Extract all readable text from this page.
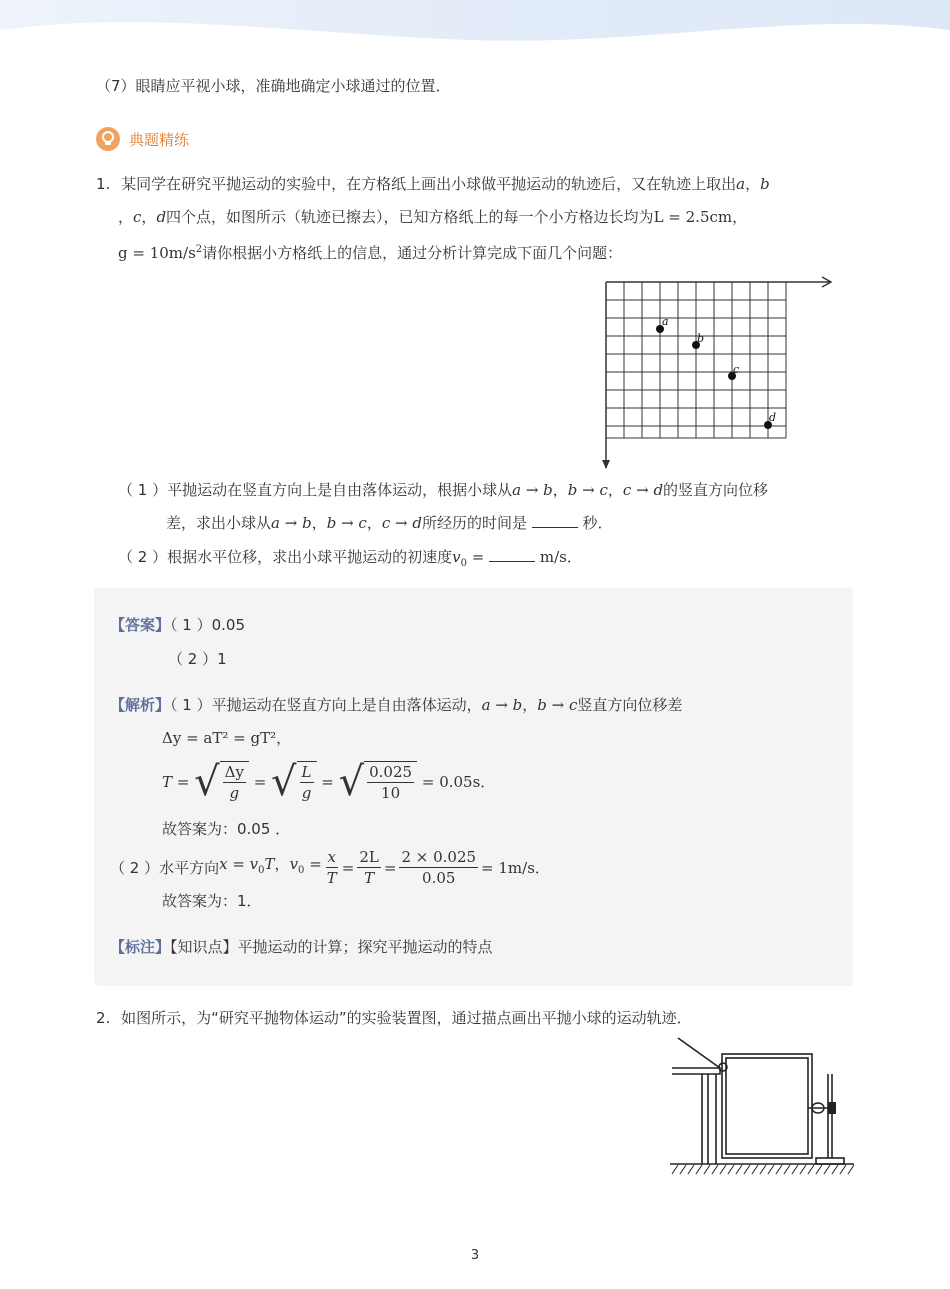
（7）眼睛应平视小球，准确地确定小球通过的位置．
典题精练
1. 某同学在研究平抛运动的实验中，在方格纸上画出小球做平抛运动的轨迹后，又在轨迹上取出a，b
，c，d四个点，如图所示（轨迹已擦去），已知方格纸上的每一个小方格边长均为L = 2.5cm，
$g = 10m/s^2$请你根据小方格纸上的信息，通过分析计算完成下面几个问题：
a
b
c
d
（ 1 ）平抛运动在竖直方向上是自由落体运动，根据小球从a → b，b → c，c → d的竖直方向位移
差，求出小球从a → b，b → c，c → d所经历的时间是	秒．
（ 2 ）根据水平位移，求出小球平抛运动的初速度$v_0$ =	m/s．
【答案】（ 1 ）0.05
（ 2 ）1
【解析】（ 1 ）平抛运动在竖直方向上是自由落体运动，a → b，b → c竖直方向位移差
Δy = aT² = gT²，
T = √ $\frac{\Delta y}{g}$ = √ $\frac{L}{g}$ = √ $\frac{0.025}{10}$
= 0.05s．
故答案为：0.05 ．
（ 2 ）水平方向 $x = v_0T$，$v_0 = \frac{x}{T} = \frac{2L}{T} = \frac{2 \times 0.025}{0.05} = 1m/s$．
故答案为：1．
【标注】【知识点】平抛运动的计算；探究平抛运动的特点
2. 如图所示，为“研究平抛物体运动”的实验装置图，通过描点画出平抛小球的运动轨迹．
3
